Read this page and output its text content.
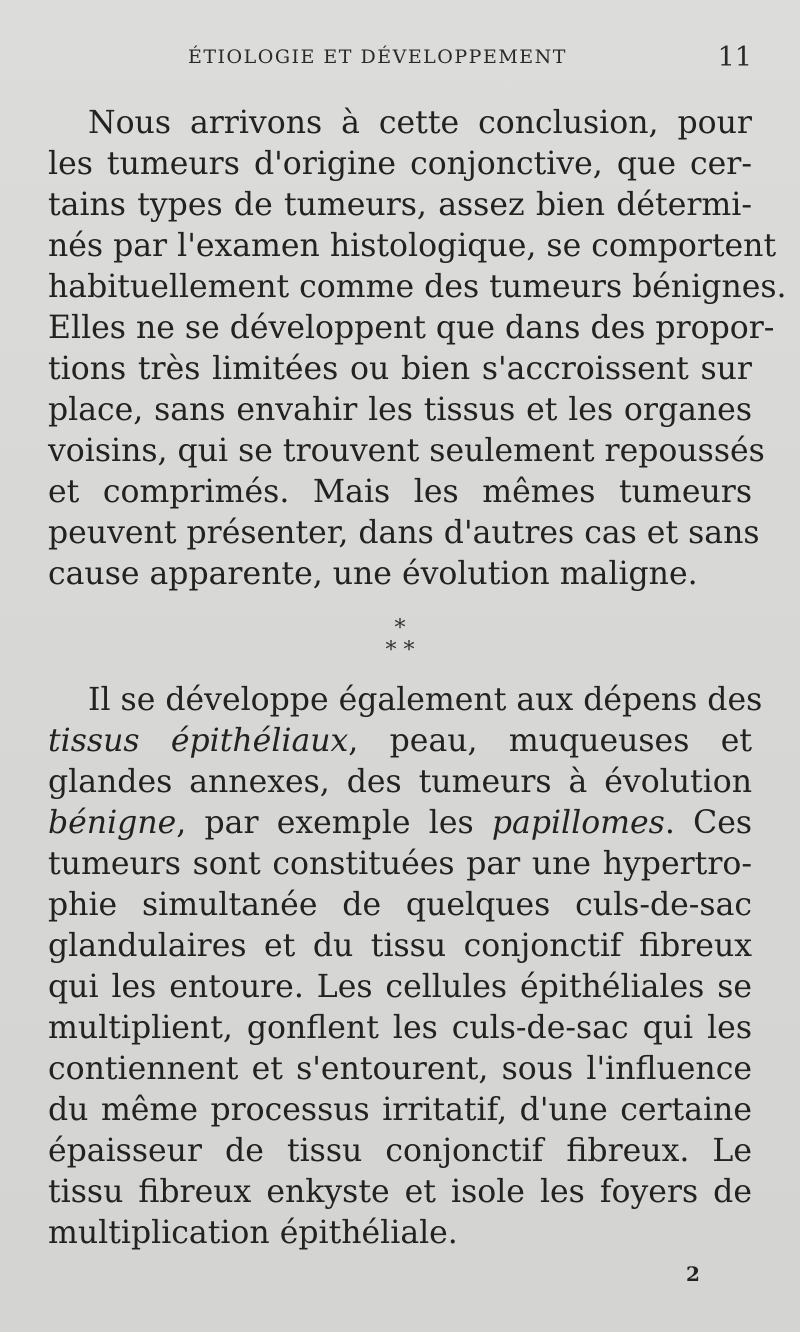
ÉTIOLOGIE ET DÉVELOPPEMENT	11

Nous arrivons à cette conclusion, pour
les tumeurs d'origine conjonctive, que cer-
tains types de tumeurs, assez bien détermi-
nés par l'examen histologique, se comportent
habituellement comme des tumeurs bénignes.
Elles ne se développent que dans des propor-
tions très limitées ou bien s'accroissent sur
place, sans envahir les tissus et les organes
voisins, qui se trouvent seulement repoussés
et comprimés. Mais les mêmes tumeurs
peuvent présenter, dans d'autres cas et sans
cause apparente, une évolution maligne.

*
* *

Il se développe également aux dépens des
tissus épithéliaux, peau, muqueuses et
glandes annexes, des tumeurs à évolution
bénigne, par exemple les papillomes. Ces
tumeurs sont constituées par une hypertro-
phie simultanée de quelques culs-de-sac
glandulaires et du tissu conjonctif fibreux
qui les entoure. Les cellules épithéliales se
multiplient, gonflent les culs-de-sac qui les
contiennent et s'entourent, sous l'influence
du même processus irritatif, d'une certaine
épaisseur de tissu conjonctif fibreux. Le
tissu fibreux enkyste et isole les foyers de
multiplication épithéliale.

2
